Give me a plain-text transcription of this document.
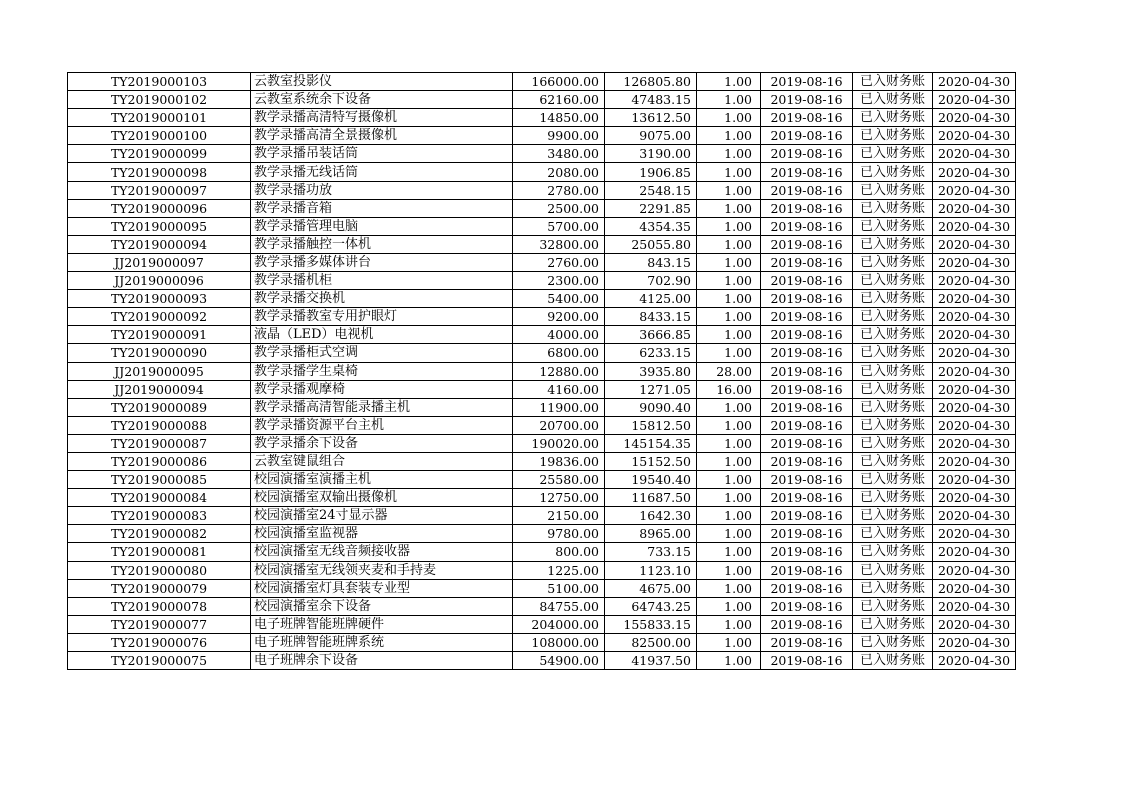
TY2019000103	云教室投影仪	166000.00	126805.80	1.00	2019-08-16	已入财务账	2020-04-30
TY2019000102	云教室系统余下设备	62160.00	47483.15	1.00	2019-08-16	已入财务账	2020-04-30
TY2019000101	教学录播高清特写摄像机	14850.00	13612.50	1.00	2019-08-16	已入财务账	2020-04-30
TY2019000100	教学录播高清全景摄像机	9900.00	9075.00	1.00	2019-08-16	已入财务账	2020-04-30
TY2019000099	教学录播吊装话筒	3480.00	3190.00	1.00	2019-08-16	已入财务账	2020-04-30
TY2019000098	教学录播无线话筒	2080.00	1906.85	1.00	2019-08-16	已入财务账	2020-04-30
TY2019000097	教学录播功放	2780.00	2548.15	1.00	2019-08-16	已入财务账	2020-04-30
TY2019000096	教学录播音箱	2500.00	2291.85	1.00	2019-08-16	已入财务账	2020-04-30
TY2019000095	教学录播管理电脑	5700.00	4354.35	1.00	2019-08-16	已入财务账	2020-04-30
TY2019000094	教学录播触控一体机	32800.00	25055.80	1.00	2019-08-16	已入财务账	2020-04-30
JJ2019000097	教学录播多媒体讲台	2760.00	843.15	1.00	2019-08-16	已入财务账	2020-04-30
JJ2019000096	教学录播机柜	2300.00	702.90	1.00	2019-08-16	已入财务账	2020-04-30
TY2019000093	教学录播交换机	5400.00	4125.00	1.00	2019-08-16	已入财务账	2020-04-30
TY2019000092	教学录播教室专用护眼灯	9200.00	8433.15	1.00	2019-08-16	已入财务账	2020-04-30
TY2019000091	液晶（LED）电视机	4000.00	3666.85	1.00	2019-08-16	已入财务账	2020-04-30
TY2019000090	教学录播柜式空调	6800.00	6233.15	1.00	2019-08-16	已入财务账	2020-04-30
JJ2019000095	教学录播学生桌椅	12880.00	3935.80	28.00	2019-08-16	已入财务账	2020-04-30
JJ2019000094	教学录播观摩椅	4160.00	1271.05	16.00	2019-08-16	已入财务账	2020-04-30
TY2019000089	教学录播高清智能录播主机	11900.00	9090.40	1.00	2019-08-16	已入财务账	2020-04-30
TY2019000088	教学录播资源平台主机	20700.00	15812.50	1.00	2019-08-16	已入财务账	2020-04-30
TY2019000087	教学录播余下设备	190020.00	145154.35	1.00	2019-08-16	已入财务账	2020-04-30
TY2019000086	云教室键鼠组合	19836.00	15152.50	1.00	2019-08-16	已入财务账	2020-04-30
TY2019000085	校园演播室演播主机	25580.00	19540.40	1.00	2019-08-16	已入财务账	2020-04-30
TY2019000084	校园演播室双输出摄像机	12750.00	11687.50	1.00	2019-08-16	已入财务账	2020-04-30
TY2019000083	校园演播室24寸显示器	2150.00	1642.30	1.00	2019-08-16	已入财务账	2020-04-30
TY2019000082	校园演播室监视器	9780.00	8965.00	1.00	2019-08-16	已入财务账	2020-04-30
TY2019000081	校园演播室无线音频接收器	800.00	733.15	1.00	2019-08-16	已入财务账	2020-04-30
TY2019000080	校园演播室无线领夹麦和手持麦	1225.00	1123.10	1.00	2019-08-16	已入财务账	2020-04-30
TY2019000079	校园演播室灯具套装专业型	5100.00	4675.00	1.00	2019-08-16	已入财务账	2020-04-30
TY2019000078	校园演播室余下设备	84755.00	64743.25	1.00	2019-08-16	已入财务账	2020-04-30
TY2019000077	电子班牌智能班牌硬件	204000.00	155833.15	1.00	2019-08-16	已入财务账	2020-04-30
TY2019000076	电子班牌智能班牌系统	108000.00	82500.00	1.00	2019-08-16	已入财务账	2020-04-30
TY2019000075	电子班牌余下设备	54900.00	41937.50	1.00	2019-08-16	已入财务账	2020-04-30
